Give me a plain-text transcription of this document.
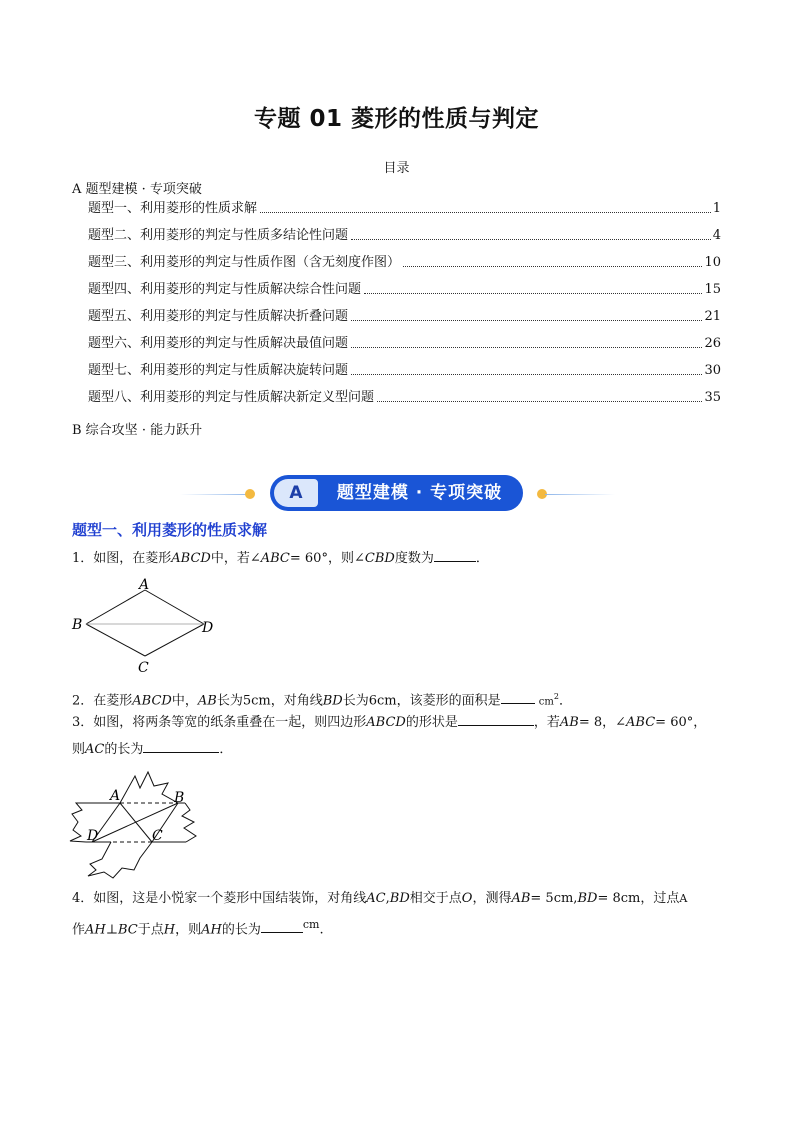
专题 01 菱形的性质与判定
目录
A 题型建模 · 专项突破
题型一、利用菱形的性质求解	1
题型二、利用菱形的判定与性质多结论性问题	4
题型三、利用菱形的判定与性质作图（含无刻度作图）	10
题型四、利用菱形的判定与性质解决综合性问题	15
题型五、利用菱形的判定与性质解决折叠问题	21
题型六、利用菱形的判定与性质解决最值问题	26
题型七、利用菱形的判定与性质解决旋转问题	30
题型八、利用菱形的判定与性质解决新定义型问题	35
B 综合攻坚 · 能力跃升
A	题型建模 · 专项突破
题型一、利用菱形的性质求解
1．如图，在菱形ABCD中，若∠ABC= 60°，则∠CBD度数为	．
A
B
C
D
2．在菱形ABCD中，AB长为5cm，对角线BD长为6cm，该菱形的面积是	$cm^2$．
3．如图，将两条等宽的纸条重叠在一起，则四边形ABCD的形状是	，若AB= 8，∠ABC= 60°，
则AC的长为	．
A	B
C
D
4．如图，这是小悦家一个菱形中国结装饰，对角线AC,BD相交于点O，测得AB= 5cm,BD= 8cm，过点A
作AH⊥BC于点H，则AH的长为	$^{cm}$.
